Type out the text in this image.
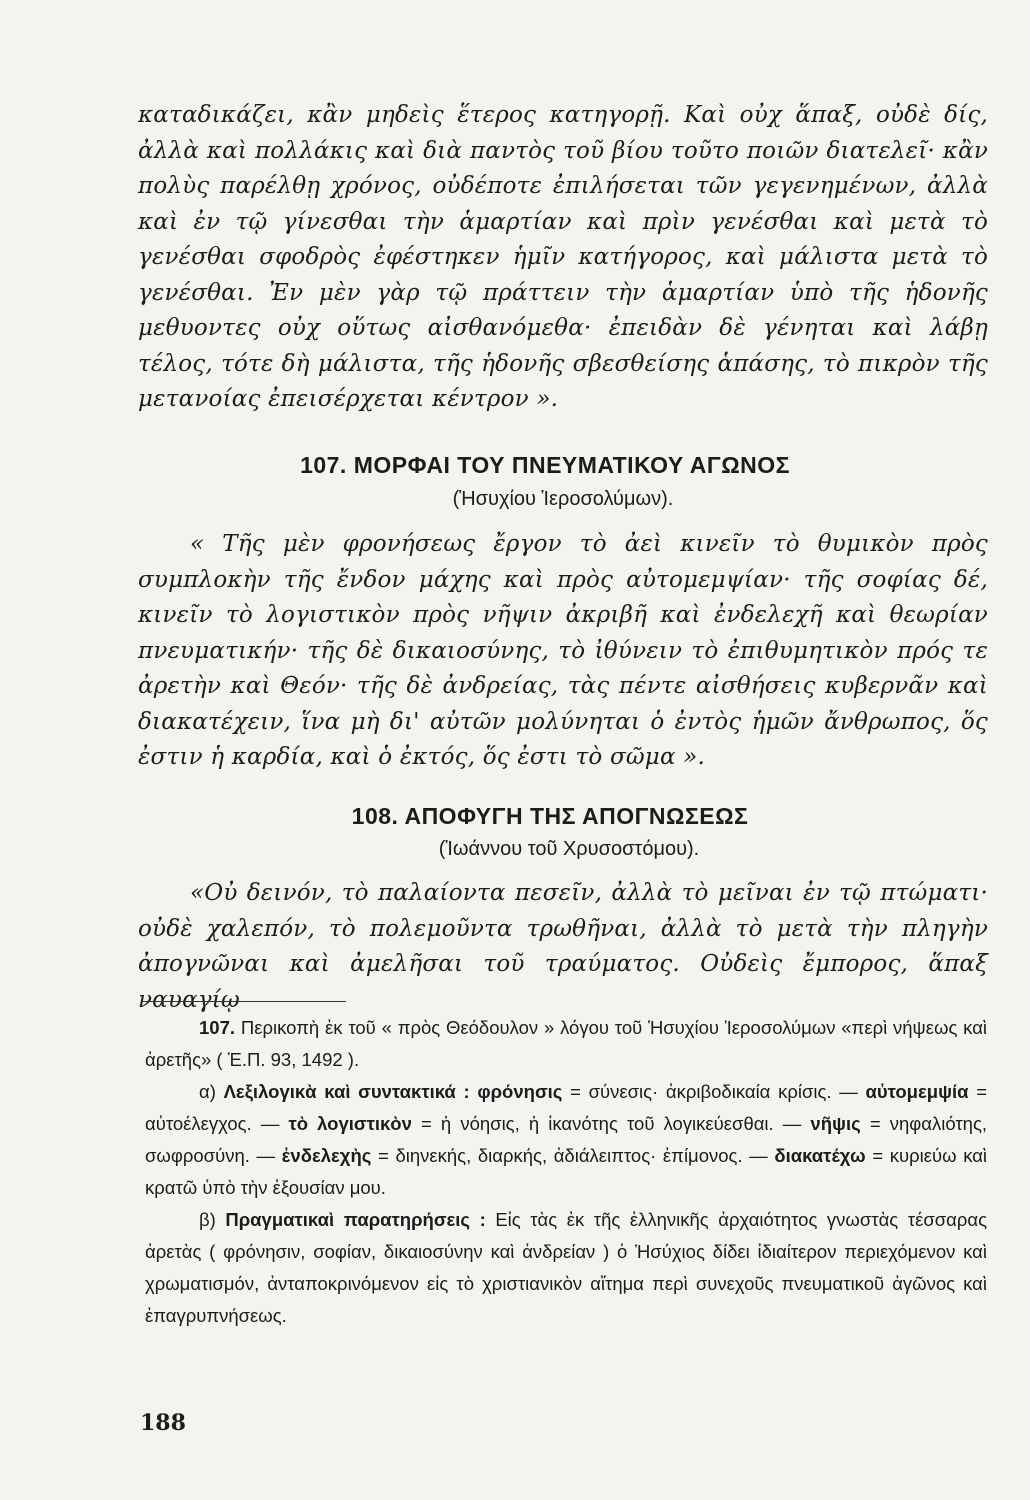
καταδικάζει, κἂν μηδεὶς ἕτερος κατηγορῇ. Καὶ οὐχ ἅπαξ, οὐδὲ δίς, ἀλλὰ καὶ πολλάκις καὶ διὰ παντὸς τοῦ βίου τοῦτο ποιῶν διατελεῖ· κἂν πολὺς παρέλθῃ χρόνος, οὐδέποτε ἐπιλήσεται τῶν γεγενημένων, ἀλλὰ καὶ ἐν τῷ γίνεσθαι τὴν ἁμαρτίαν καὶ πρὶν γενέσθαι καὶ μετὰ τὸ γενέσθαι σφοδρὸς ἐφέστηκεν ἡμῖν κατήγορος, καὶ μάλιστα μετὰ τὸ γενέσθαι. Ἐν μὲν γὰρ τῷ πράττειν τὴν ἁμαρτίαν ὑπὸ τῆς ἡδονῆς μεθυοντες οὐχ οὕτως αἰσθανόμεθα· ἐπειδὰν δὲ γένηται καὶ λάβῃ τέλος, τότε δὴ μάλιστα, τῆς ἡδονῆς σβεσθείσης ἁπάσης, τὸ πικρὸν τῆς μετανοίας ἐπεισέρχεται κέντρον ».

107. ΜΟΡΦΑΙ ΤΟΥ ΠΝΕΥΜΑΤΙΚΟΥ ΑΓΩΝΟΣ
(Ἡσυχίου Ἱεροσολύμων).

« Τῆς μὲν φρονήσεως ἔργον τὸ ἀεὶ κινεῖν τὸ θυμικὸν πρὸς συμπλοκὴν τῆς ἔνδον μάχης καὶ πρὸς αὐτομεμψίαν· τῆς σοφίας δέ, κινεῖν τὸ λογιστικὸν πρὸς νῆψιν ἀκριβῆ καὶ ἐνδελεχῆ καὶ θεωρίαν πνευματικήν· τῆς δὲ δικαιοσύνης, τὸ ἰθύνειν τὸ ἐπιθυμητικὸν πρός τε ἀρετὴν καὶ Θεόν· τῆς δὲ ἀνδρείας, τὰς πέντε αἰσθήσεις κυβερνᾶν καὶ διακατέχειν, ἵνα μὴ δι' αὐτῶν μολύνηται ὁ ἐντὸς ἡμῶν ἄνθρωπος, ὅς ἐστιν ἡ καρδία, καὶ ὁ ἐκτός, ὅς ἐστι τὸ σῶμα ».

108. ΑΠΟΦΥΓΗ ΤΗΣ ΑΠΟΓΝΩΣΕΩΣ
(Ἰωάννου τοῦ Χρυσοστόμου).

«Οὐ δεινόν, τὸ παλαίοντα πεσεῖν, ἀλλὰ τὸ μεῖναι ἐν τῷ πτώματι· οὐδὲ χαλεπόν, τὸ πολεμοῦντα τρωθῆναι, ἀλλὰ τὸ μετὰ τὴν πληγὴν ἀπογνῶναι καὶ ἀμελῆσαι τοῦ τραύματος. Οὐδεὶς ἔμπορος, ἅπαξ ναυαγίῳ

107. Περικοπὴ ἐκ τοῦ « πρὸς Θεόδουλον » λόγου τοῦ Ἡσυχίου Ἱεροσολύμων «περὶ νήψεως καὶ ἀρετῆς» ( Ἑ.Π. 93, 1492 ).

α) Λεξιλογικὰ καὶ συντακτικά : φρόνησις = σύνεσις· ἀκριβοδικαία κρίσις. — αὐτομεμψία = αὐτοέλεγχος. — τὸ λογιστικὸν = ἡ νόησις, ἡ ἱκανότης τοῦ λογικεύεσθαι. — νῆψις = νηφαλιότης, σωφροσύνη. — ἐνδελεχὴς = διηνεκής, διαρκής, ἀδιάλειπτος· ἐπίμονος. — διακατέχω = κυριεύω καὶ κρατῶ ὑπὸ τὴν ἐξουσίαν μου.

β) Πραγματικαὶ παρατηρήσεις : Εἰς τὰς ἐκ τῆς ἑλληνικῆς ἀρχαιότητος γνωστὰς τέσσαρας ἀρετὰς ( φρόνησιν, σοφίαν, δικαιοσύνην καὶ ἀνδρείαν ) ὁ Ἡσύχιος δίδει ἰδιαίτερον περιεχόμενον καὶ χρωματισμόν, ἀνταποκρινόμενον εἰς τὸ χριστιανικὸν αἴτημα περὶ συνεχοῦς πνευματικοῦ ἀγῶνος καὶ ἐπαγρυπνήσεως.

188
